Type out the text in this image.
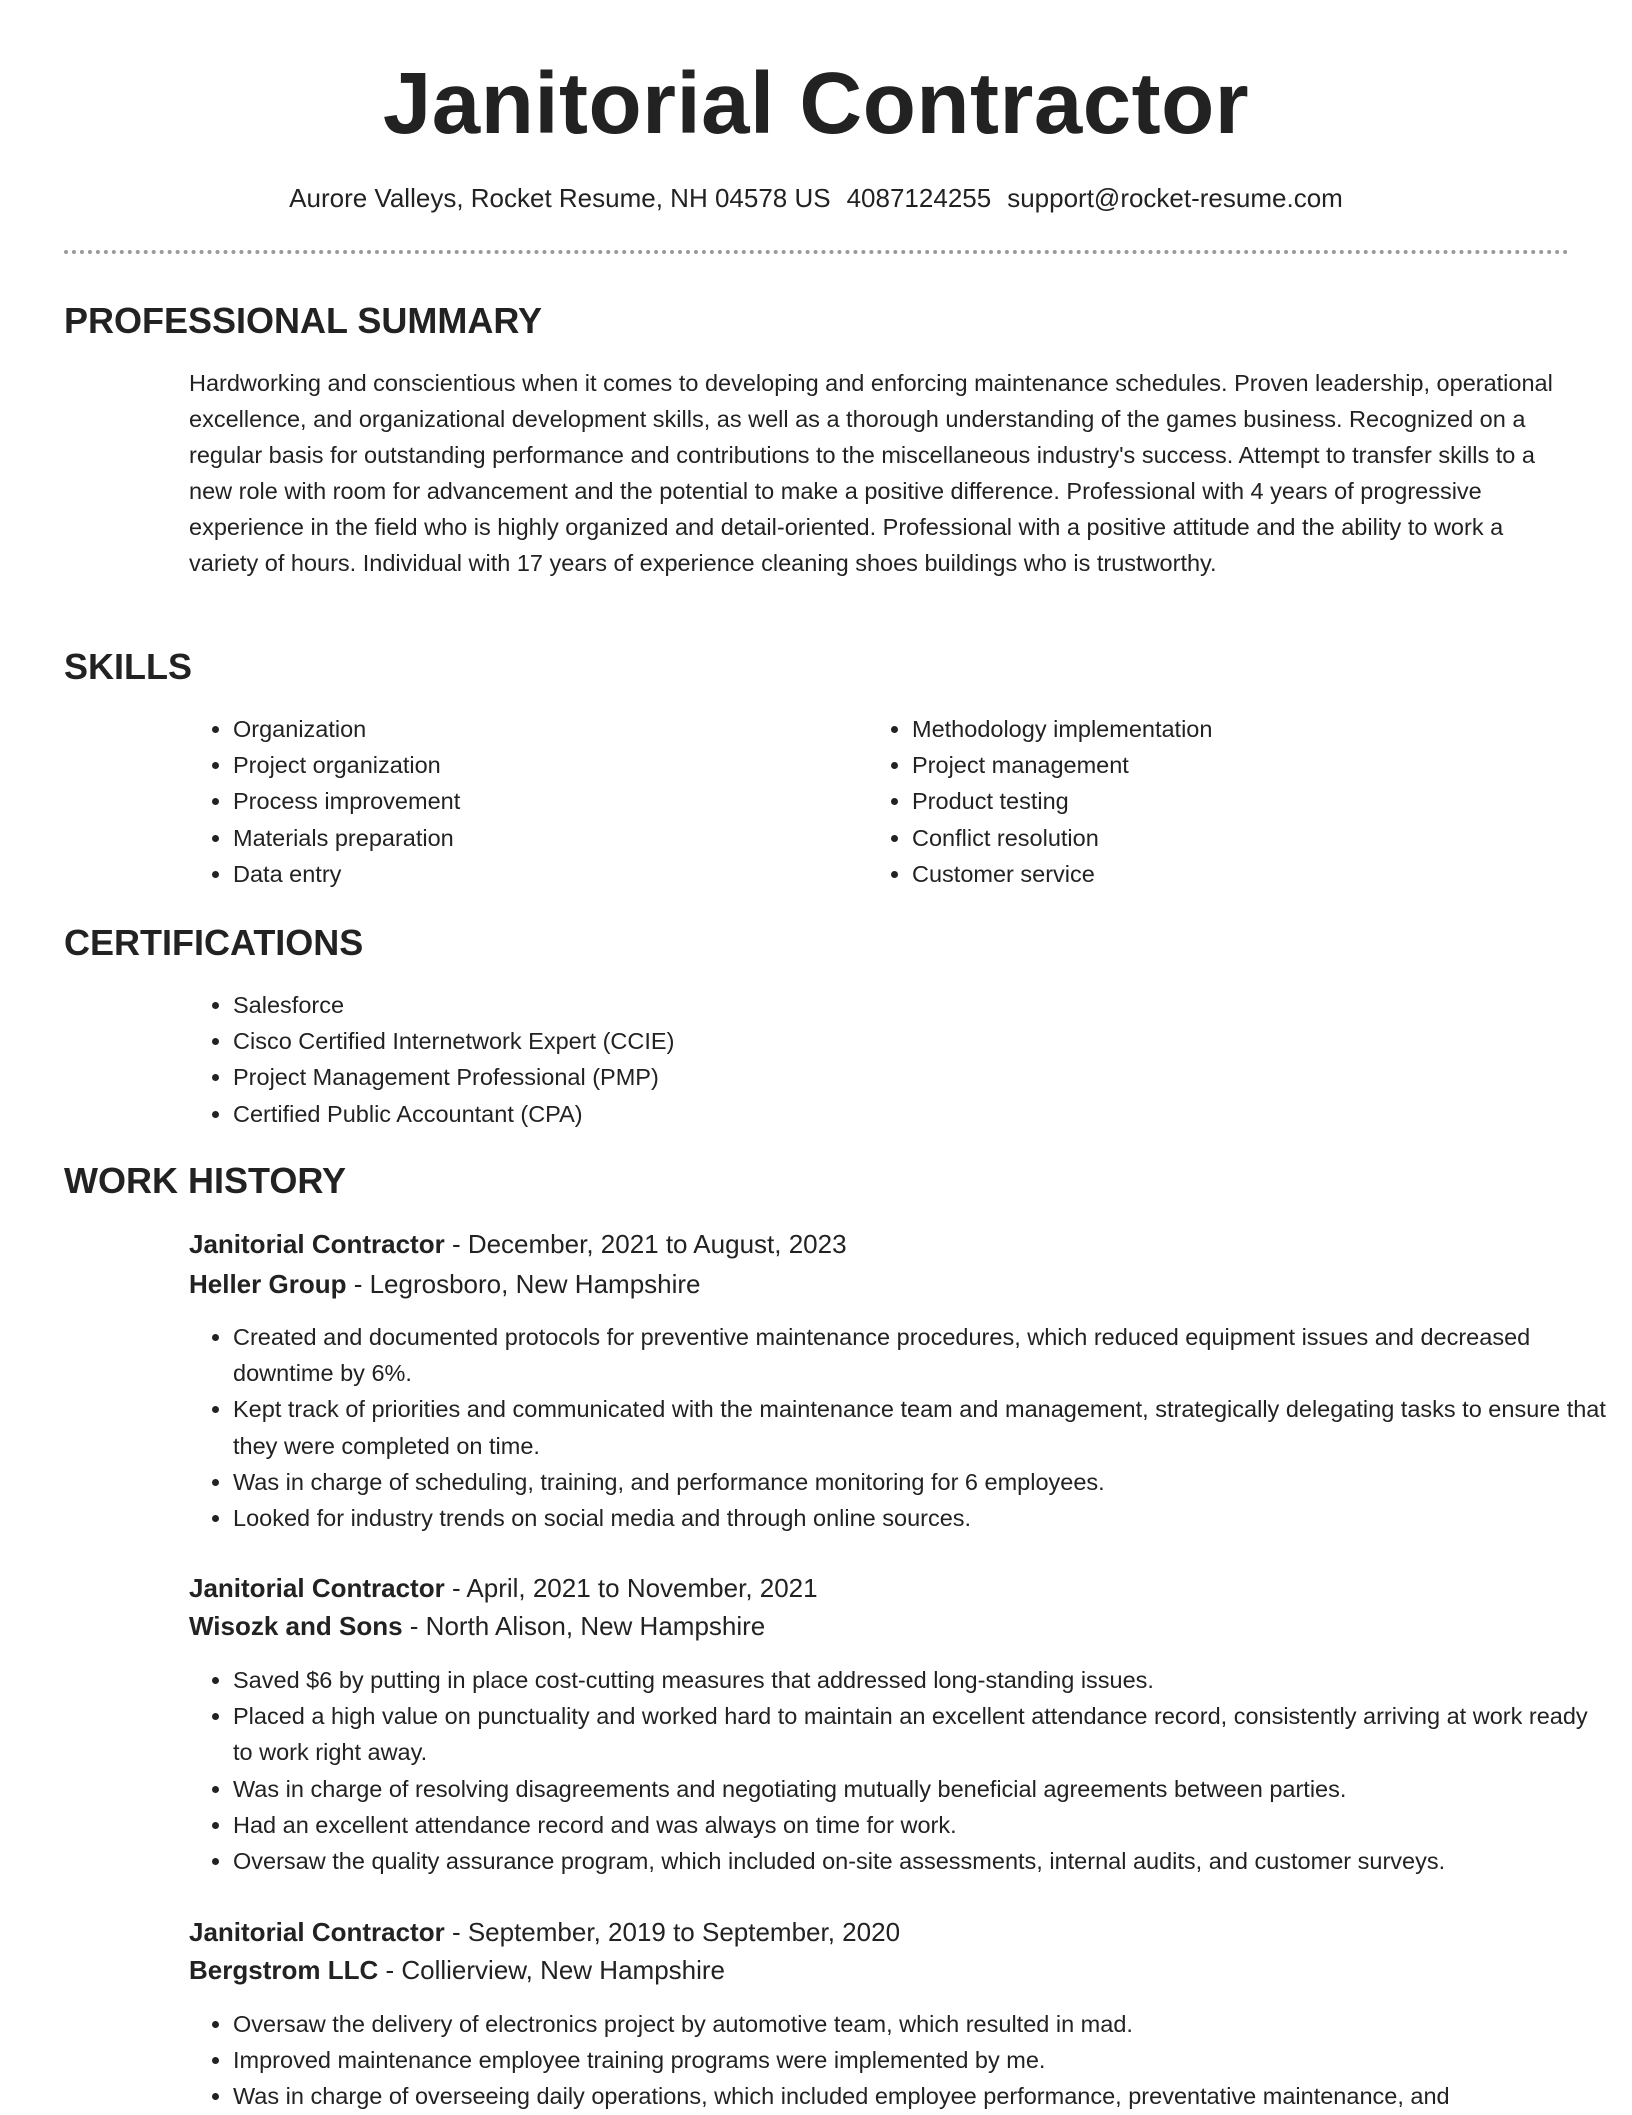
Janitorial Contractor
Aurore Valleys, Rocket Resume, NH 04578 US 4087124255 support@rocket-resume.com
PROFESSIONAL SUMMARY
Hardworking and conscientious when it comes to developing and enforcing maintenance schedules. Proven leadership, operational excellence, and organizational development skills, as well as a thorough understanding of the games business. Recognized on a regular basis for outstanding performance and contributions to the miscellaneous industry's success. Attempt to transfer skills to a new role with room for advancement and the potential to make a positive difference. Professional with 4 years of progressive experience in the field who is highly organized and detail-oriented. Professional with a positive attitude and the ability to work a variety of hours. Individual with 17 years of experience cleaning shoes buildings who is trustworthy.
SKILLS
• Organization
• Project organization
• Process improvement
• Materials preparation
• Data entry
• Methodology implementation
• Project management
• Product testing
• Conflict resolution
• Customer service
CERTIFICATIONS
• Salesforce
• Cisco Certified Internetwork Expert (CCIE)
• Project Management Professional (PMP)
• Certified Public Accountant (CPA)
WORK HISTORY
Janitorial Contractor - December, 2021 to August, 2023
Heller Group - Legrosboro, New Hampshire
• Created and documented protocols for preventive maintenance procedures, which reduced equipment issues and decreased downtime by 6%.
• Kept track of priorities and communicated with the maintenance team and management, strategically delegating tasks to ensure that they were completed on time.
• Was in charge of scheduling, training, and performance monitoring for 6 employees.
• Looked for industry trends on social media and through online sources.
Janitorial Contractor - April, 2021 to November, 2021
Wisozk and Sons - North Alison, New Hampshire
• Saved $6 by putting in place cost-cutting measures that addressed long-standing issues.
• Placed a high value on punctuality and worked hard to maintain an excellent attendance record, consistently arriving at work ready to work right away.
• Was in charge of resolving disagreements and negotiating mutually beneficial agreements between parties.
• Had an excellent attendance record and was always on time for work.
• Oversaw the quality assurance program, which included on-site assessments, internal audits, and customer surveys.
Janitorial Contractor - September, 2019 to September, 2020
Bergstrom LLC - Collierview, New Hampshire
• Oversaw the delivery of electronics project by automotive team, which resulted in mad.
• Improved maintenance employee training programs were implemented by me.
• Was in charge of overseeing daily operations, which included employee performance, preventative maintenance, and
